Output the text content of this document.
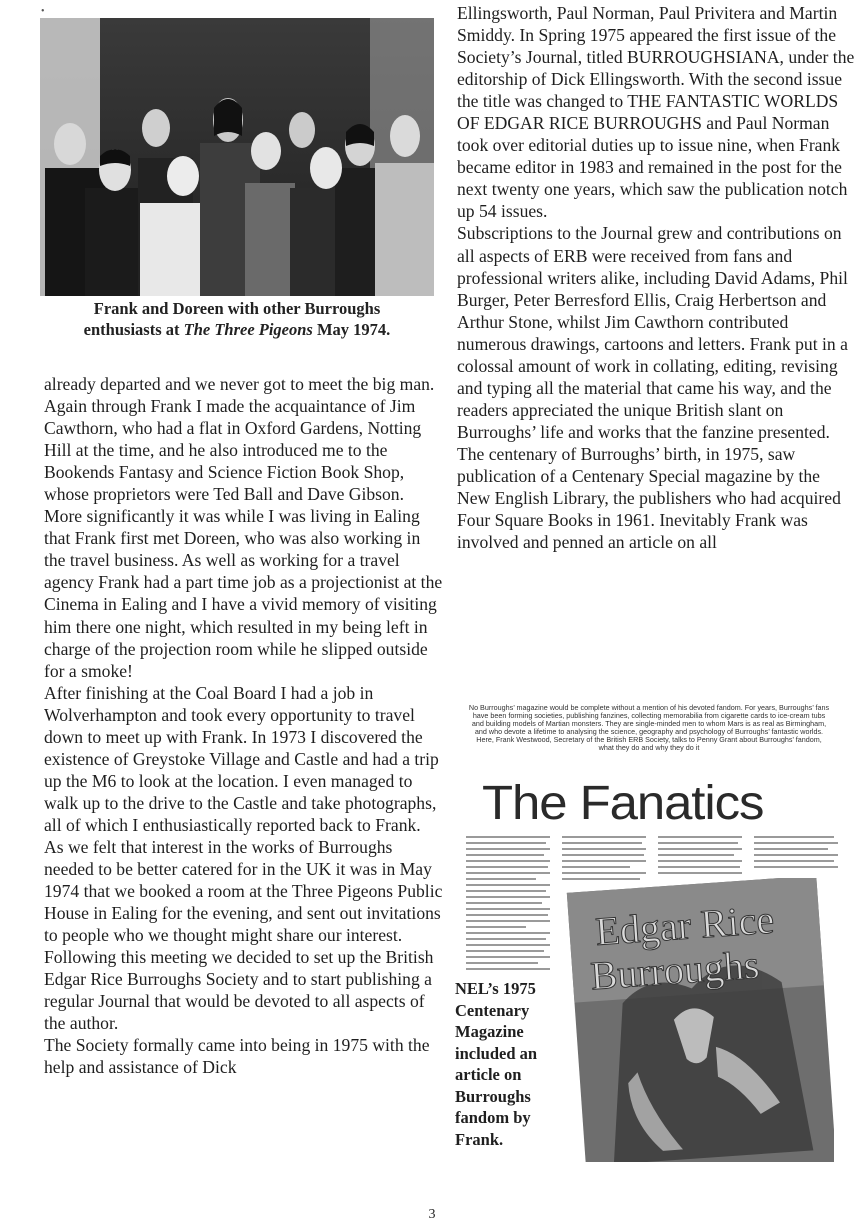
•
Frank and Doreen with other Burroughs
enthusiasts at The Three Pigeons May 1974.

already departed and we never got to meet the big man.

Again through Frank I made the acquaintance of Jim Cawthorn, who had a flat in Oxford Gardens, Notting Hill at the time, and he also introduced me to the Bookends Fantasy and Science Fiction Book Shop, whose proprietors were Ted Ball and Dave Gibson.

More significantly it was while I was living in Ealing that Frank first met Doreen, who was also working in the travel business. As well as working for a travel agency Frank had a part time job as a projectionist at the Cinema in Ealing and I have a vivid memory of visiting him there one night, which resulted in my being left in charge of the projection room while he slipped outside for a smoke!

After finishing at the Coal Board I had a job in Wolverhampton and took every opportunity to travel down to meet up with Frank. In 1973 I discovered the existence of Greystoke Village and Castle and had a trip up the M6 to look at the location. I even managed to walk up to the drive to the Castle and take photographs, all of which I enthusiastically reported back to Frank.

As we felt that interest in the works of Burroughs needed to be better catered for in the UK it was in May 1974 that we booked a room at the Three Pigeons Public House in Ealing for the evening, and sent out invitations to people who we thought might share our interest. Following this meeting we decided to set up the British Edgar Rice Burroughs Society and to start publishing a regular Journal that would be devoted to all aspects of the author.

The Society formally came into being in 1975 with the help and assistance of Dick

Ellingsworth, Paul Norman, Paul Privitera and Martin Smiddy. In Spring 1975 appeared the first issue of the Society’s Journal, titled BURROUGHSIANA, under the editorship of Dick Ellingsworth. With the second issue the title was changed to THE FANTASTIC WORLDS OF EDGAR RICE BURROUGHS and Paul Norman took over editorial duties up to issue nine, when Frank became editor in 1983 and remained in the post for the next twenty one years, which saw the publication notch up 54 issues.

Subscriptions to the Journal grew and contributions on all aspects of ERB were received from fans and professional writers alike, including David Adams, Phil Burger, Peter Berresford Ellis, Craig Herbertson and Arthur Stone, whilst Jim Cawthorn contributed numerous drawings, cartoons and letters. Frank put in a colossal amount of work in collating, editing, revising and typing all the material that came his way, and the readers appreciated the unique British slant on Burroughs’ life and works that the fanzine presented.

The centenary of Burroughs’ birth, in 1975, saw publication of a Centenary Special magazine by the New English Library, the publishers who had acquired Four Square Books in 1961. Inevitably Frank was involved and penned an article on all

No Burroughs’ magazine would be complete without a mention of his devoted fandom. For years, Burroughs’ fans have been forming societies, publishing fanzines, collecting memorabilia from cigarette cards to ice-cream tubs and building models of Martian monsters. They are single-minded men to whom Mars is as real as Birmingham, and who devote a lifetime to analysing the science, geography and psychology of Burroughs’ fantastic worlds.
Here, Frank Westwood, Secretary of the British ERB Society, talks to Penny Grant about Burroughs’ fandom, what they do and why they do it
The Fanatics
Edgar Rice
Burroughs
NEL’s 1975 Centenary Magazine included an article on Burroughs fandom by Frank.
3
